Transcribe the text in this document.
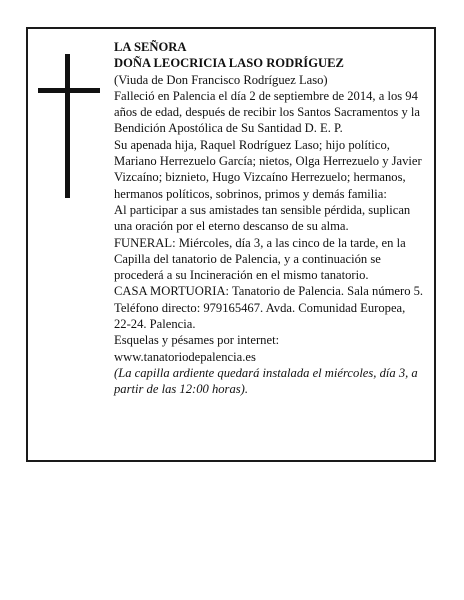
LA SEÑORA

DOÑA LEOCRICIA LASO RODRÍGUEZ

(Viuda de Don Francisco Rodríguez Laso)

Falleció en Palencia el día 2 de septiembre de 2014, a los 94 años de edad, después de recibir los Santos Sacramentos y la Bendición Apostólica de Su Santidad D. E. P.

Su apenada hija, Raquel Rodríguez Laso; hijo político, Mariano Herrezuelo García; nietos, Olga Herrezuelo y Javier Vizcaíno; biznieto, Hugo Vizcaíno Herrezuelo; hermanos, hermanos políticos, sobrinos, primos y demás familia:

Al participar a sus amistades tan sensible pérdida, suplican una oración por el eterno descanso de su alma.

FUNERAL: Miércoles, día 3, a las cinco de la tarde, en la Capilla del tanatorio de Palencia, y a continuación se procederá a su Incineración en el mismo tanatorio.

CASA MORTUORIA: Tanatorio de Palencia. Sala número 5. Teléfono directo: 979165467. Avda. Comunidad Europea, 22-24. Palencia.

Esquelas y pésames por internet:

www.tanatoriodepalencia.es

(La capilla ardiente quedará instalada el miércoles, día 3, a partir de las 12:00 horas).
